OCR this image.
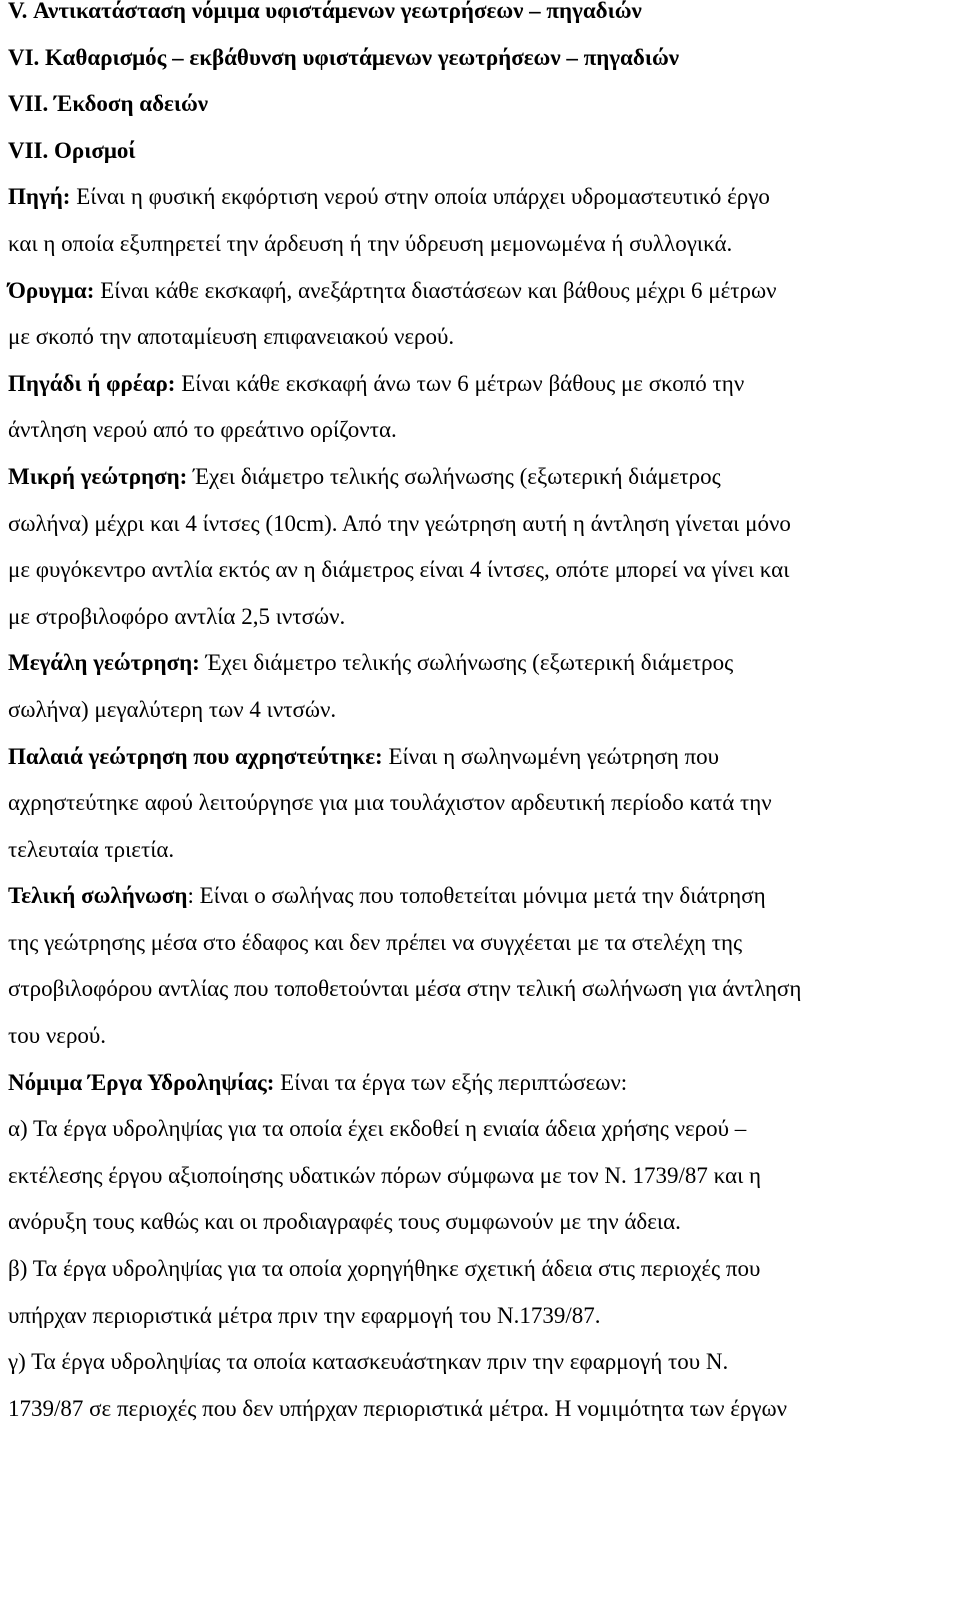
V. Αντικατάσταση νόμιμα υφιστάμενων γεωτρήσεων – πηγαδιών
VI. Καθαρισμός – εκβάθυνση υφιστάμενων γεωτρήσεων – πηγαδιών
VII. Έκδοση αδειών
VII. Ορισμοί
Πηγή: Είναι η φυσική εκφόρτιση νερού στην οποία υπάρχει υδρομαστευτικό έργο
και η οποία εξυπηρετεί την άρδευση ή την ύδρευση μεμονωμένα ή συλλογικά.
Όρυγμα: Είναι κάθε εκσκαφή, ανεξάρτητα διαστάσεων και βάθους μέχρι 6 μέτρων
με σκοπό την αποταμίευση επιφανειακού νερού.
Πηγάδι ή φρέαρ: Είναι κάθε εκσκαφή άνω των 6 μέτρων βάθους με σκοπό την
άντληση νερού από το φρεάτινο ορίζοντα.
Μικρή γεώτρηση: Έχει διάμετρο τελικής σωλήνωσης (εξωτερική διάμετρος
σωλήνα) μέχρι και 4 ίντσες (10cm). Από την γεώτρηση αυτή η άντληση γίνεται μόνο
με φυγόκεντρο αντλία εκτός αν η διάμετρος είναι 4 ίντσες, οπότε μπορεί να γίνει και
με στροβιλοφόρο αντλία 2,5 ιντσών.
Μεγάλη γεώτρηση: Έχει διάμετρο τελικής σωλήνωσης (εξωτερική διάμετρος
σωλήνα) μεγαλύτερη των 4 ιντσών.
Παλαιά γεώτρηση που αχρηστεύτηκε: Είναι η σωληνωμένη γεώτρηση που
αχρηστεύτηκε αφού λειτούργησε για μια τουλάχιστον αρδευτική περίοδο κατά την
τελευταία τριετία.
Τελική σωλήνωση: Είναι ο σωλήνας που τοποθετείται μόνιμα μετά την διάτρηση
της γεώτρησης μέσα στο έδαφος και δεν πρέπει να συγχέεται με τα στελέχη της
στροβιλοφόρου αντλίας που τοποθετούνται μέσα στην τελική σωλήνωση για άντληση
του νερού.
Νόμιμα Έργα Υδροληψίας: Είναι τα έργα των εξής περιπτώσεων:
α) Τα έργα υδροληψίας για τα οποία έχει εκδοθεί η ενιαία άδεια χρήσης νερού –
εκτέλεσης έργου αξιοποίησης υδατικών πόρων σύμφωνα με τον Ν. 1739/87 και η
ανόρυξη τους καθώς και οι προδιαγραφές τους συμφωνούν με την άδεια.
β) Τα έργα υδροληψίας για τα οποία χορηγήθηκε σχετική άδεια στις περιοχές που
υπήρχαν περιοριστικά μέτρα πριν την εφαρμογή του Ν.1739/87.
γ) Τα έργα υδροληψίας τα οποία κατασκευάστηκαν πριν την εφαρμογή του Ν.
1739/87 σε περιοχές που δεν υπήρχαν περιοριστικά μέτρα. Η νομιμότητα των έργων
